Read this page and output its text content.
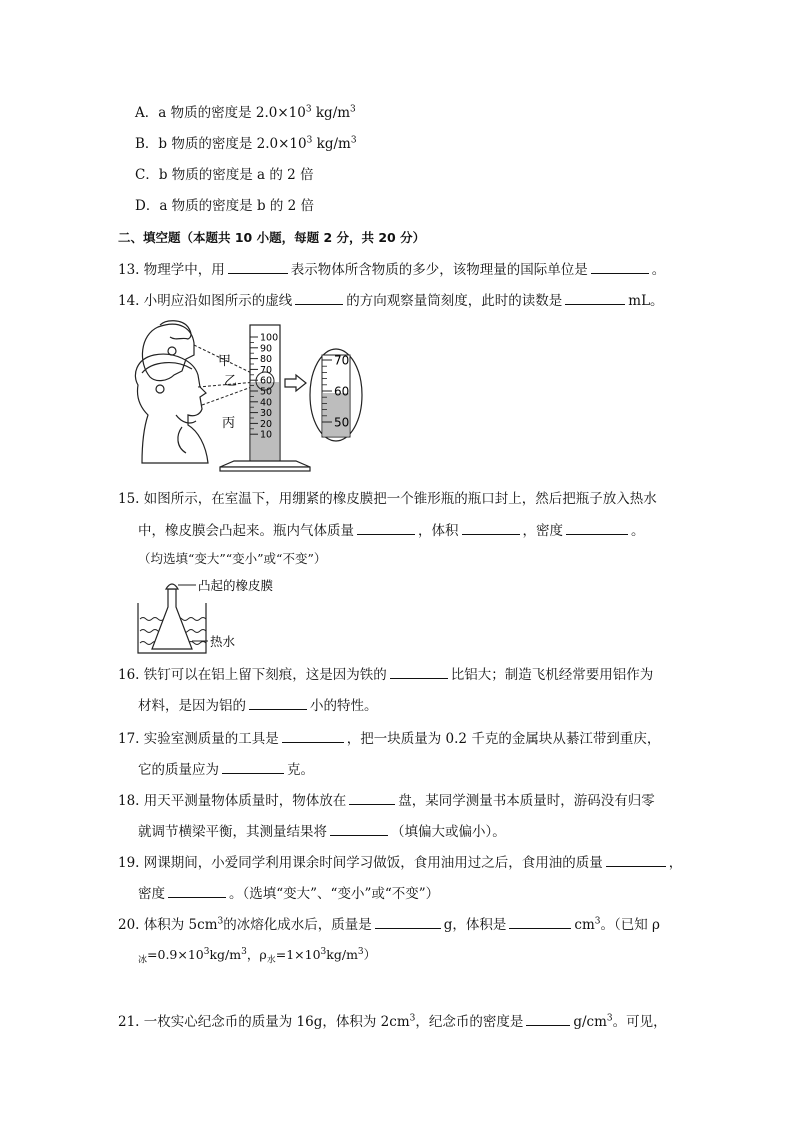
A．a 物质的密度是 $2.0\times 10^3$ $kg/m^3$
B．b 物质的密度是 $2.0\times 10^3$ $kg/m^3$
C．b 物质的密度是 a 的 2 倍
D．a 物质的密度是 b 的 2 倍
二、填空题（本题共 10 小题，每题 2 分，共 20 分）
13. 物理学中，用	表示物体所含物质的多少，该物理量的国际单位是	。
14. 小明应沿如图所示的虚线	的方向观察量筒刻度，此时的读数是	mL。
甲
乙
丙
100
90
80
70
60
50
40
30
20
10
70
60
50
15. 如图所示，在室温下，用绷紧的橡皮膜把一个锥形瓶的瓶口封上，然后把瓶子放入热水
中，橡皮膜会凸起来。瓶内气体质量	，体积	，密度	。
（均选填“变大”“变小”或“不变”）
凸起的橡皮膜
热水
16. 铁钉可以在铝上留下刻痕，这是因为铁的	比铝大；制造飞机经常要用铝作为
材料，是因为铝的	小的特性。
17. 实验室测质量的工具是	，把一块质量为 0.2 千克的金属块从綦江带到重庆，
它的质量应为	克。
18. 用天平测量物体质量时，物体放在	盘，某同学测量书本质量时，游码没有归零
就调节横梁平衡，其测量结果将	（填偏大或偏小）。
19. 网课期间，小爱同学利用课余时间学习做饭，食用油用过之后，食用油的质量	，
密度	。（选填“变大”、“变小”或“不变”）
20. 体积为 $5cm^3$的冰熔化成水后，质量是	g，体积是	$cm^3$。（已知 ρ
$_冰=0.9\times 10^3kg/m^3$，$\rho_水=1\times 10^3kg/m^3$）
21. 一枚实心纪念币的质量为 16g，体积为 $2cm^3$，纪念币的密度是	$g/cm^3$。可见，
